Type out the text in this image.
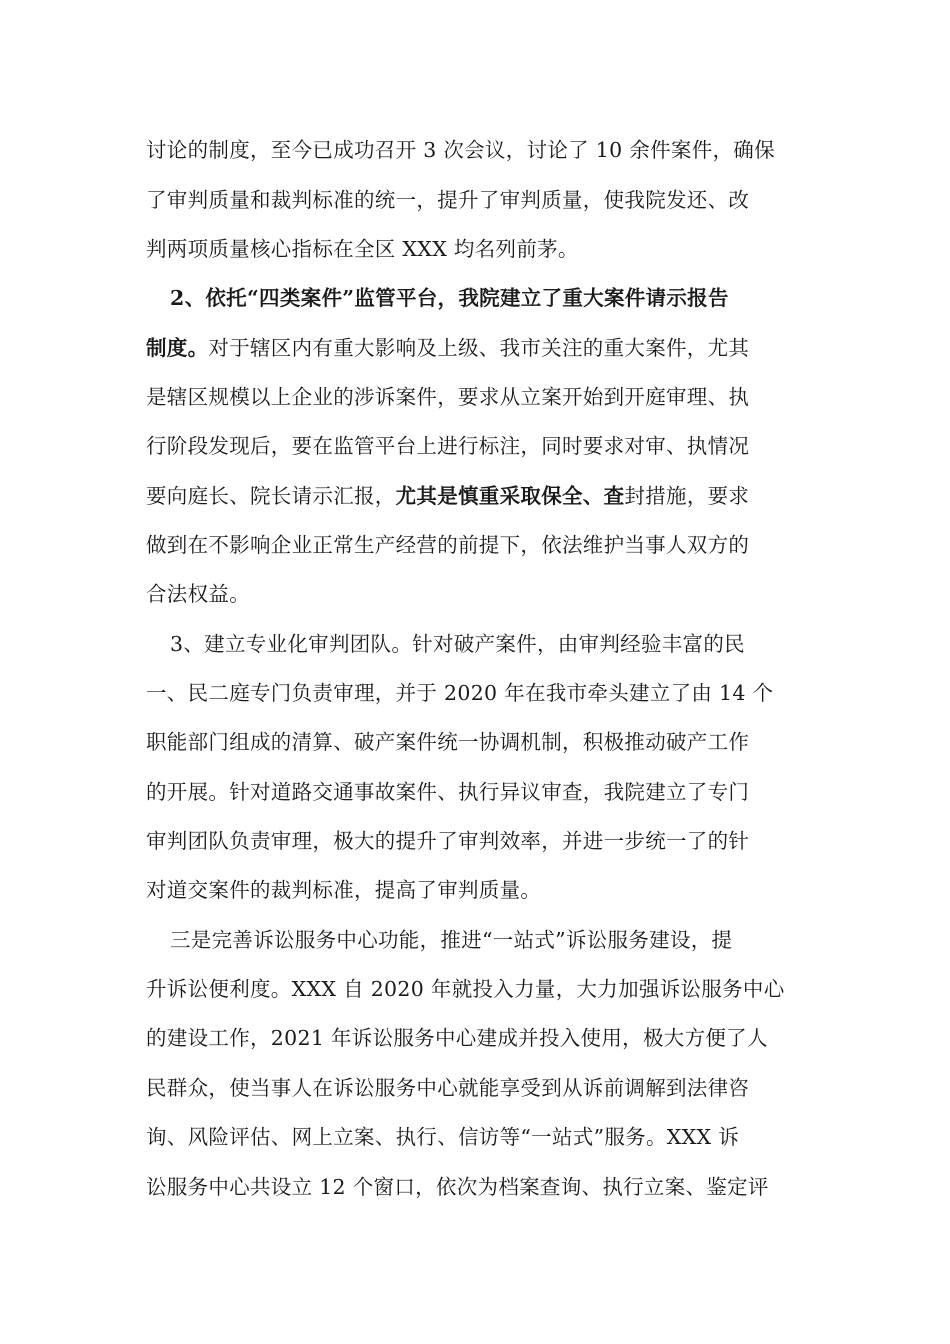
讨论的制度，至今已成功召开 3 次会议，讨论了 10 余件案件，确保
了审判质量和裁判标准的统一，提升了审判质量，使我院发还、改
判两项质量核心指标在全区 XXX 均名列前茅。
2、依托“四类案件”监管平台，我院建立了重大案件请示报告
制度。对于辖区内有重大影响及上级、我市关注的重大案件，尤其
是辖区规模以上企业的涉诉案件，要求从立案开始到开庭审理、执
行阶段发现后，要在监管平台上进行标注，同时要求对审、执情况
要向庭长、院长请示汇报，尤其是慎重采取保全、查封措施，要求
做到在不影响企业正常生产经营的前提下，依法维护当事人双方的
合法权益。
3、建立专业化审判团队。针对破产案件，由审判经验丰富的民
一、民二庭专门负责审理，并于 2020 年在我市牵头建立了由 14 个
职能部门组成的清算、破产案件统一协调机制，积极推动破产工作
的开展。针对道路交通事故案件、执行异议审查，我院建立了专门
审判团队负责审理，极大的提升了审判效率，并进一步统一了的针
对道交案件的裁判标准，提高了审判质量。
三是完善诉讼服务中心功能，推进“一站式”诉讼服务建设，提
升诉讼便利度。XXX 自 2020 年就投入力量，大力加强诉讼服务中心
的建设工作，2021 年诉讼服务中心建成并投入使用，极大方便了人
民群众，使当事人在诉讼服务中心就能享受到从诉前调解到法律咨
询、风险评估、网上立案、执行、信访等“一站式”服务。XXX 诉
讼服务中心共设立 12 个窗口，依次为档案查询、执行立案、鉴定评
